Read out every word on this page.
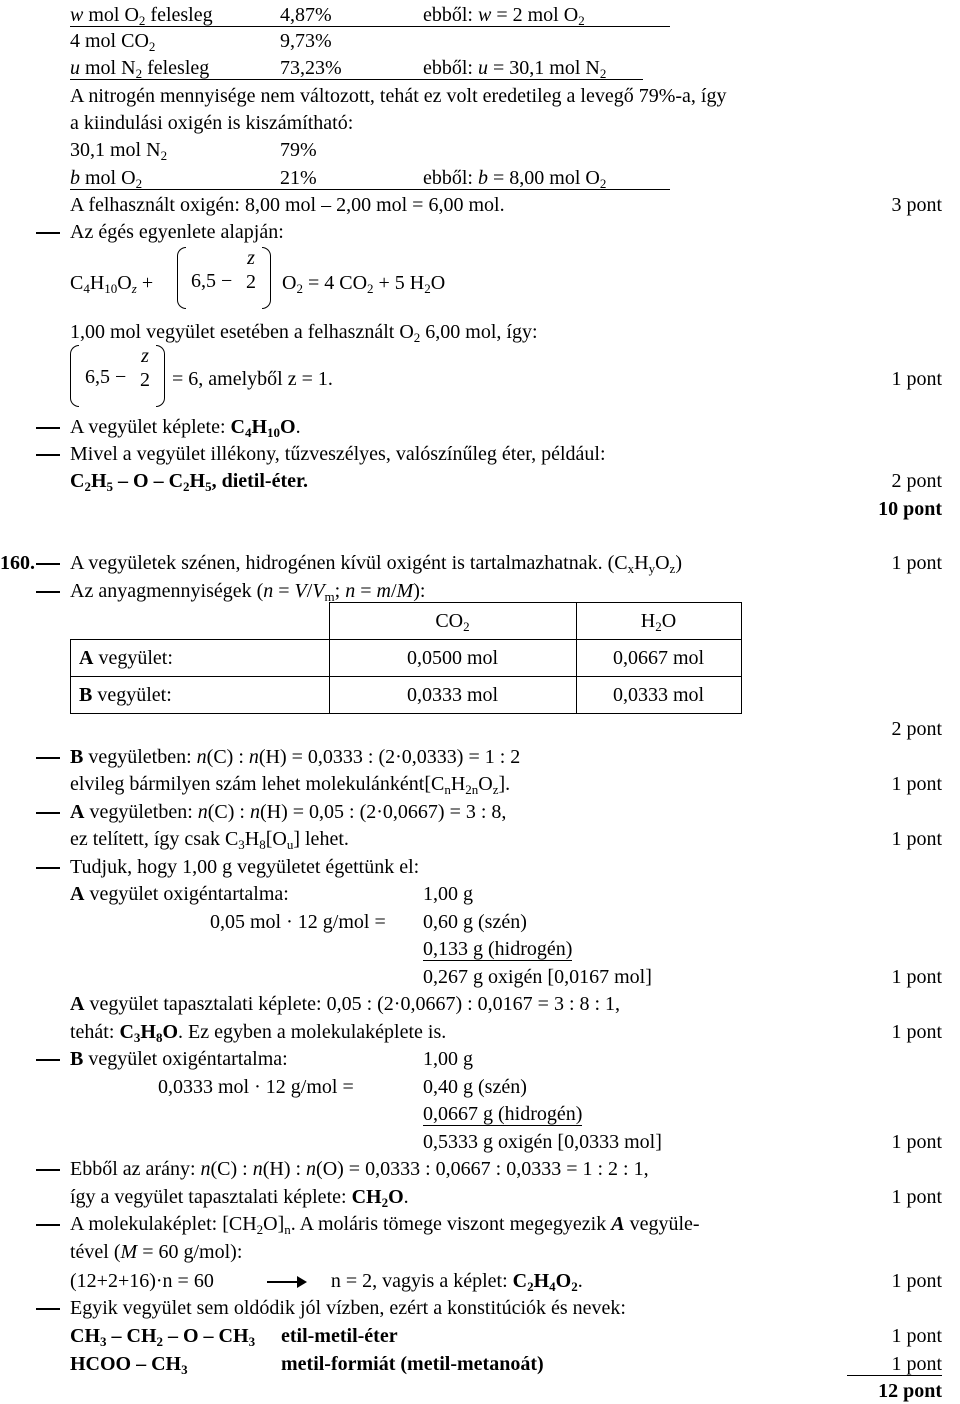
w mol $O_2$ felesleg	4,87%	ebből: w = 2 mol $O_2$
4 mol $CO_2$	9,73%
u mol $N_2$ felesleg	73,23%	ebből: u = 30,1 mol $N_2$
A nitrogén mennyisége nem változott, tehát ez volt eredetileg a levegő 79%-a, így
a kiindulási oxigén is kiszámítható:
30,1 mol $N_2$	79%
b mol $O_2$	21%	ebből: b = 8,00 mol $O_2$
A felhasznált oxigén: 8,00 mol – 2,00 mol = 6,00 mol.	3 pont
Az égés egyenlete alapján:
$C_4H_{10}O_z + 6,5$ −
z
2 $O_2 = 4$ $CO_2 + 5$ $H_2O$
1,00 mol vegyület esetében a felhasznált $O_2$ 6,00 mol, így:
6,5 −
z
2 = 6, amelyből z = 1.	1 pont
A vegyület képlete: $C_4H_{10}O$.
Mivel a vegyület illékony, tűzveszélyes, valószínűleg éter, például:
$C_2H_5$ – O – $C_2H_5$, dietil-éter.	2 pont
10 pont
160. A vegyületek szénen, hidrogénen kívül oxigént is tartalmazhatnak. $(C_xH_yO_z)$	1 pont
Az anyagmennyiségek ($n = V/V_m$; n = m/M):
	$CO_2$	$H_2O$
A vegyület:	0,0500 mol	0,0667 mol
B vegyület:	0,0333 mol	0,0333 mol
2 pont
B vegyületben: n(C) : n(H) = 0,0333 : (2·0,0333) = 1 : 2
elvileg bármilyen szám lehet $molekulánként[C_nH_{2n}O_z]$.	1 pont
A vegyületben: n(C) : n(H) = 0,05 : (2·0,0667) = 3 : 8,
ez telített, így csak $C_3H_8[O_u]$ lehet.	1 pont
Tudjuk, hogy 1,00 g vegyületet égettünk el:
A vegyület oxigéntartalma:	1,00 g
0,05 mol · 12 g/mol = 0,60 g (szén)
0,133 g (hidrogén)
0,267 g oxigén [0,0167 mol]	1 pont
A vegyület tapasztalati képlete: 0,05 : (2·0,0667) : 0,0167 = 3 : 8 : 1,
tehát: $C_3H_8O$. Ez egyben a molekulaképlete is.	1 pont
B vegyület oxigéntartalma:	1,00 g
0,0333 mol · 12 g/mol =	0,40 g (szén)
0,0667 g (hidrogén)
0,5333 g oxigén [0,0333 mol]	1 pont
Ebből az arány: n(C) : n(H) : n(O) = 0,0333 : 0,0667 : 0,0333 = 1 : 2 : 1,
így a vegyület tapasztalati képlete: $CH_2O$.	1 pont
A molekulaképlet: $[CH_2O]_n$. A moláris tömege viszont megegyezik A vegyüle-
tével (M = 60 g/mol):
(12+2+16)·n = 60	n = 2, vagyis a képlet: $C_2H_4O_2$.	1 pont
Egyik vegyület sem oldódik jól vízben, ezért a konstitúciók és nevek:
$CH_3 - CH_2$ – O – $CH_3$ etil-metil-éter	1 pont
HCOO – $CH_3$	metil-formiát (metil-metanoát)	1 pont
12 pont
